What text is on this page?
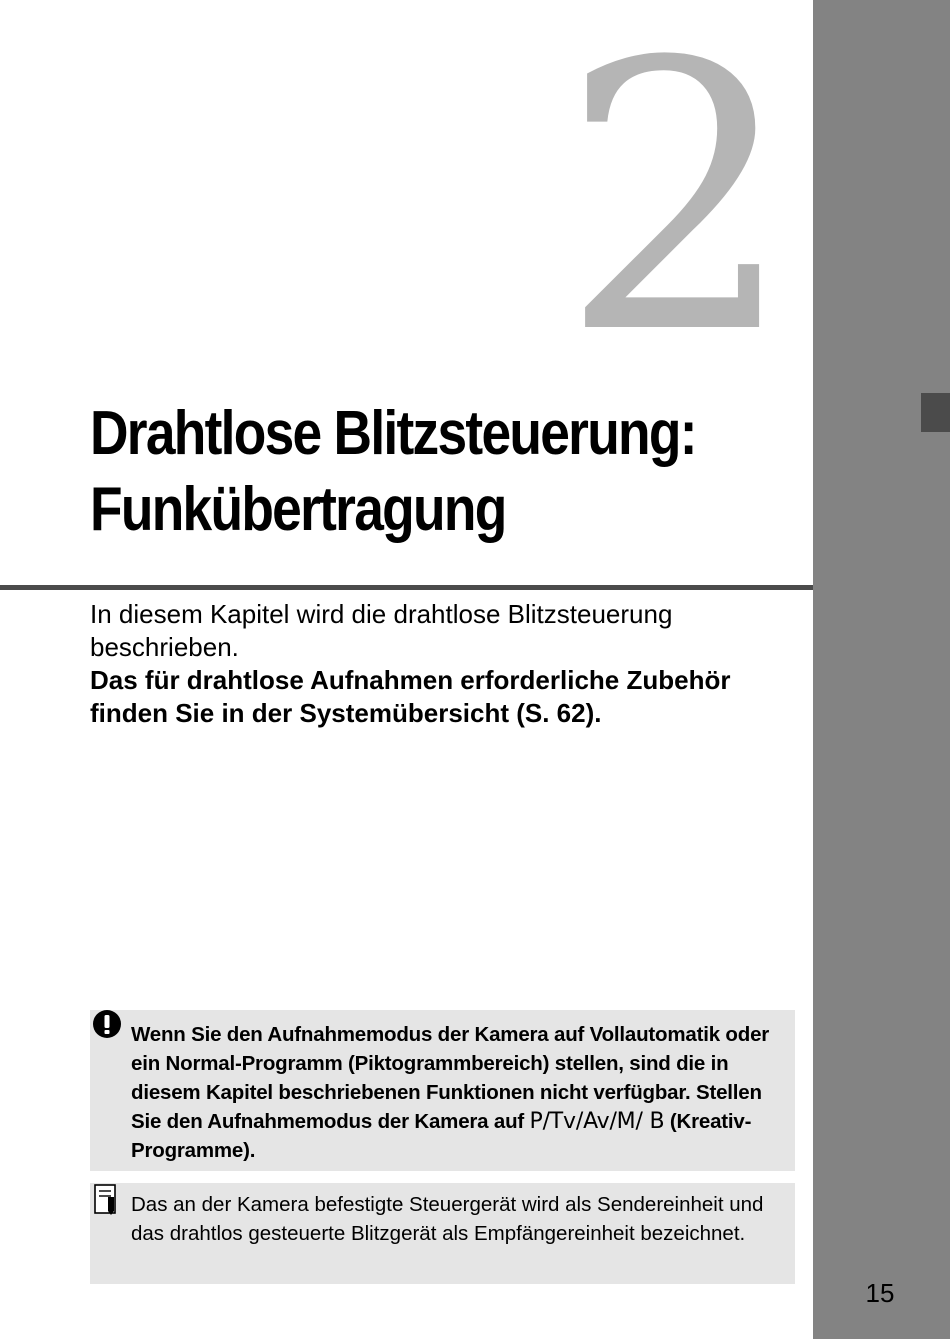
2
Drahtlose Blitzsteuerung:
Funkübertragung

In diesem Kapitel wird die drahtlose Blitzsteuerung beschrieben.

Das für drahtlose Aufnahmen erforderliche Zubehör finden Sie in der Systemübersicht (S. 62).

Wenn Sie den Aufnahmemodus der Kamera auf Vollautomatik oder ein Normal-Programm (Piktogrammbereich) stellen, sind die in diesem Kapitel beschriebenen Funktionen nicht verfügbar. Stellen Sie den Aufnahmemodus der Kamera auf P/Tv/Av/M/ B (Kreativ-Programme).
Das an der Kamera befestigte Steuergerät wird als Sendereinheit und das drahtlos gesteuerte Blitzgerät als Empfängereinheit bezeichnet.
15
